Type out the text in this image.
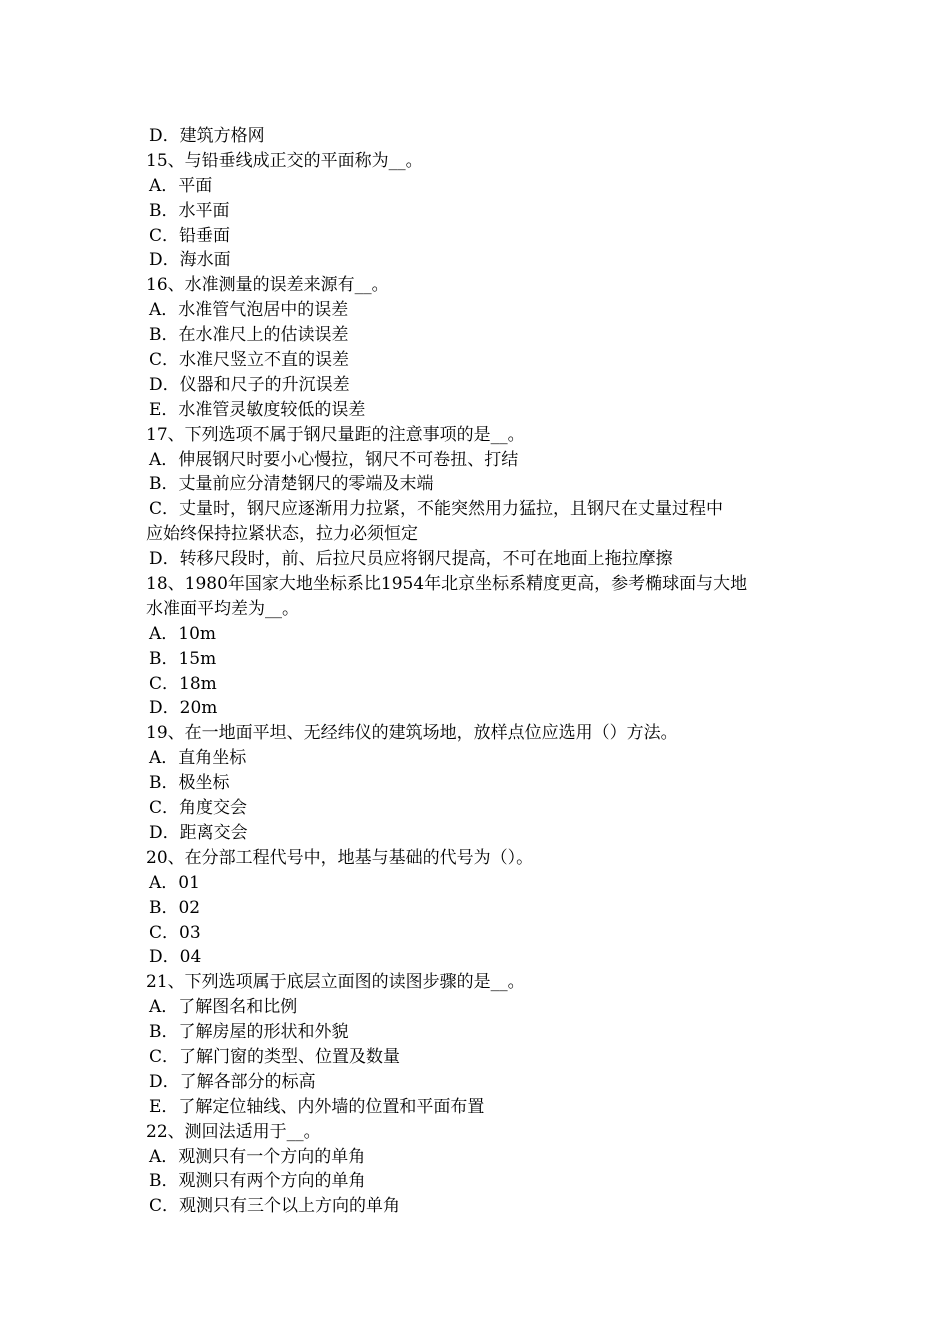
D．建筑方格网
15、与铅垂线成正交的平面称为__。
A．平面
B．水平面
C．铅垂面
D．海水面
16、水准测量的误差来源有__。
A．水准管气泡居中的误差
B．在水准尺上的估读误差
C．水准尺竖立不直的误差
D．仪器和尺子的升沉误差
E．水准管灵敏度较低的误差
17、下列选项不属于钢尺量距的注意事项的是__。
A．伸展钢尺时要小心慢拉，钢尺不可卷扭、打结
B．丈量前应分清楚钢尺的零端及末端
C．丈量时，钢尺应逐渐用力拉紧，不能突然用力猛拉，且钢尺在丈量过程中
应始终保持拉紧状态，拉力必须恒定
D．转移尺段时，前、后拉尺员应将钢尺提高，不可在地面上拖拉摩擦
18、1980年国家大地坐标系比1954年北京坐标系精度更高，参考椭球面与大地
水准面平均差为__。
A．10m
B．15m
C．18m
D．20m
19、在一地面平坦、无经纬仪的建筑场地，放样点位应选用（）方法。
A．直角坐标
B．极坐标
C．角度交会
D．距离交会
20、在分部工程代号中，地基与基础的代号为（）。
A．01
B．02
C．03
D．04
21、下列选项属于底层立面图的读图步骤的是__。
A．了解图名和比例
B．了解房屋的形状和外貌
C．了解门窗的类型、位置及数量
D．了解各部分的标高
E．了解定位轴线、内外墙的位置和平面布置
22、测回法适用于__。
A．观测只有一个方向的单角
B．观测只有两个方向的单角
C．观测只有三个以上方向的单角
